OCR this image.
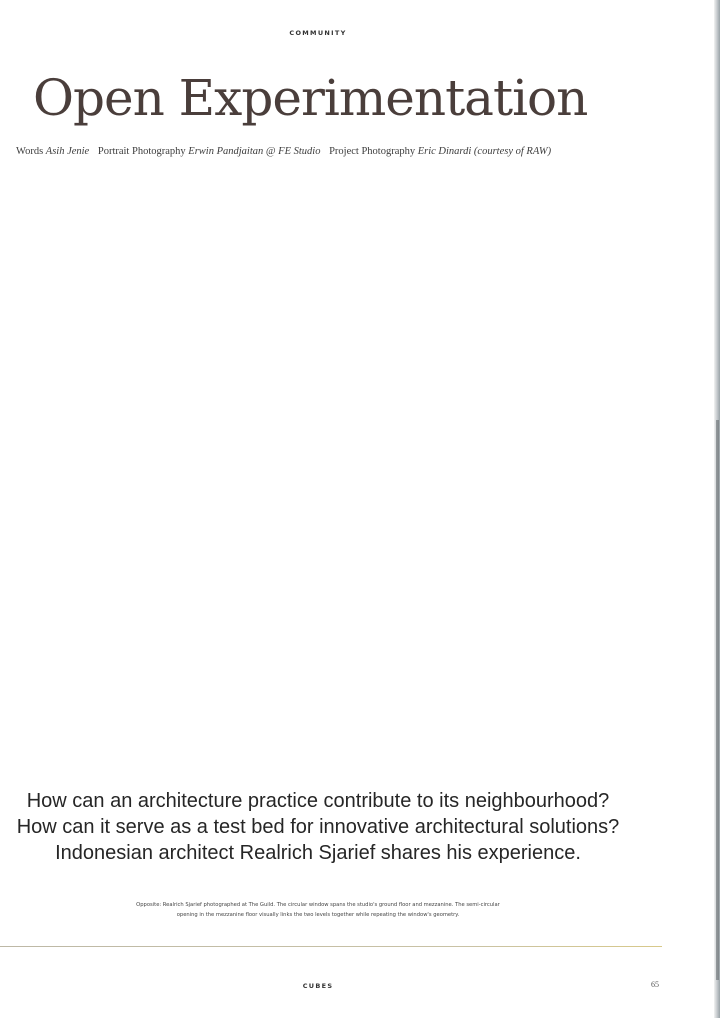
COMMUNITY
Open Experimentation
Words Asih Jenie Portrait Photography Erwin Pandjaitan @ FE Studio Project Photography Eric Dinardi (courtesy of RAW)
How can an architecture practice contribute to its neighbourhood?
How can it serve as a test bed for innovative architectural solutions?
Indonesian architect Realrich Sjarief shares his experience.
Opposite: Realrich Sjarief photographed at The Guild. The circular window spans the studio's ground floor and mezzanine. The semi-circular
opening in the mezzanine floor visually links the two levels together while repeating the window's geometry.
CUBES	65
